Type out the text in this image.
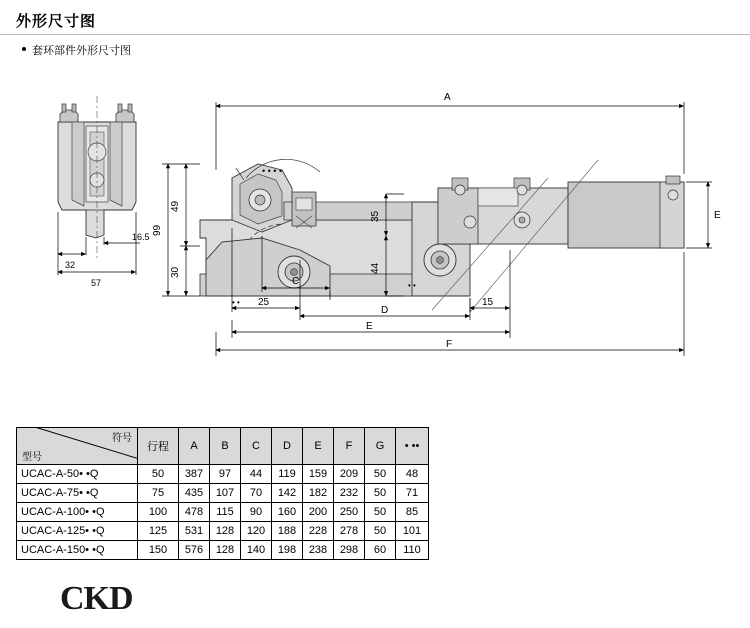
外形尺寸图
套环部件外形尺寸图
16.5
32
57
A
E
99
49
30
35
44
C
25
D
15
E
F
• • • •
• •
• •
符号
型号	行程	A	B	C	D	E	F	G	• ••
UCAC-A-50• •Q	50	387	97	44	119	159	209	50	48
UCAC-A-75• •Q	75	435	107	70	142	182	232	50	71
UCAC-A-100• •Q	100	478	115	90	160	200	250	50	85
UCAC-A-125• •Q	125	531	128	120	188	228	278	50	101
UCAC-A-150• •Q	150	576	128	140	198	238	298	60	110
CKD
